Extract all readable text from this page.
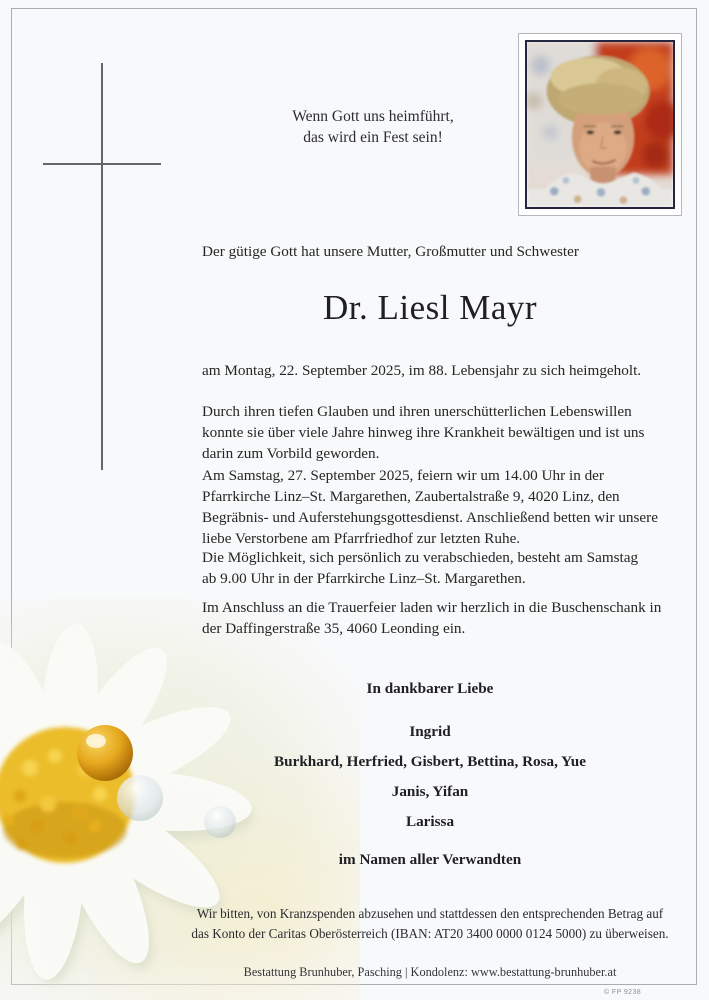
Wenn Gott uns heimführt,
das wird ein Fest sein!
Der gütige Gott hat unsere Mutter, Großmutter und Schwester
Dr. Liesl Mayr
am Montag, 22. September 2025, im 88. Lebensjahr zu sich heimgeholt.
Durch ihren tiefen Glauben und ihren unerschütterlichen Lebenswillen
konnte sie über viele Jahre hinweg ihre Krankheit bewältigen und ist uns
darin zum Vorbild geworden.
Am Samstag, 27. September 2025, feiern wir um 14.00 Uhr in der
Pfarrkirche Linz–St. Margarethen, Zaubertalstraße 9, 4020 Linz, den
Begräbnis- und Auferstehungsgottesdienst. Anschließend betten wir unsere
liebe Verstorbene am Pfarrfriedhof zur letzten Ruhe.
Die Möglichkeit, sich persönlich zu verabschieden, besteht am Samstag
ab 9.00 Uhr in der Pfarrkirche Linz–St. Margarethen.
Im Anschluss an die Trauerfeier laden wir herzlich in die Buschenschank in
der Daffingerstraße 35, 4060 Leonding ein.
In dankbarer Liebe
Ingrid
Burkhard, Herfried, Gisbert, Bettina, Rosa, Yue
Janis, Yifan
Larissa
im Namen aller Verwandten
Wir bitten, von Kranzspenden abzusehen und stattdessen den entsprechenden Betrag auf
das Konto der Caritas Oberösterreich (IBAN: AT20 3400 0000 0124 5000) zu überweisen.
Bestattung Brunhuber, Pasching | Kondolenz: www.bestattung-brunhuber.at
© FP 9238
